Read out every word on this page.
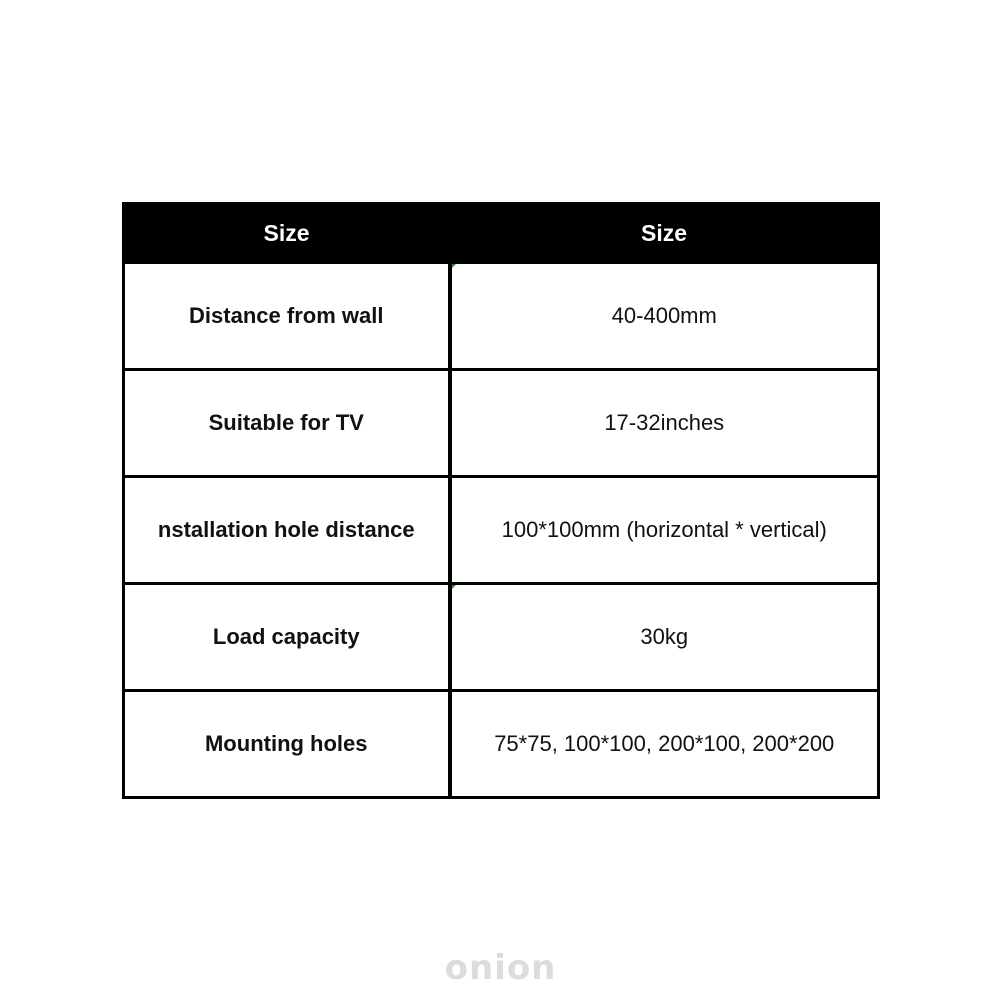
Size	Size
Distance from wall	40-400mm
Suitable for TV	17-32inches
nstallation hole distance	100*100mm (horizontal * vertical)
Load capacity	30kg
Mounting holes	75*75, 100*100, 200*100, 200*200
onion
